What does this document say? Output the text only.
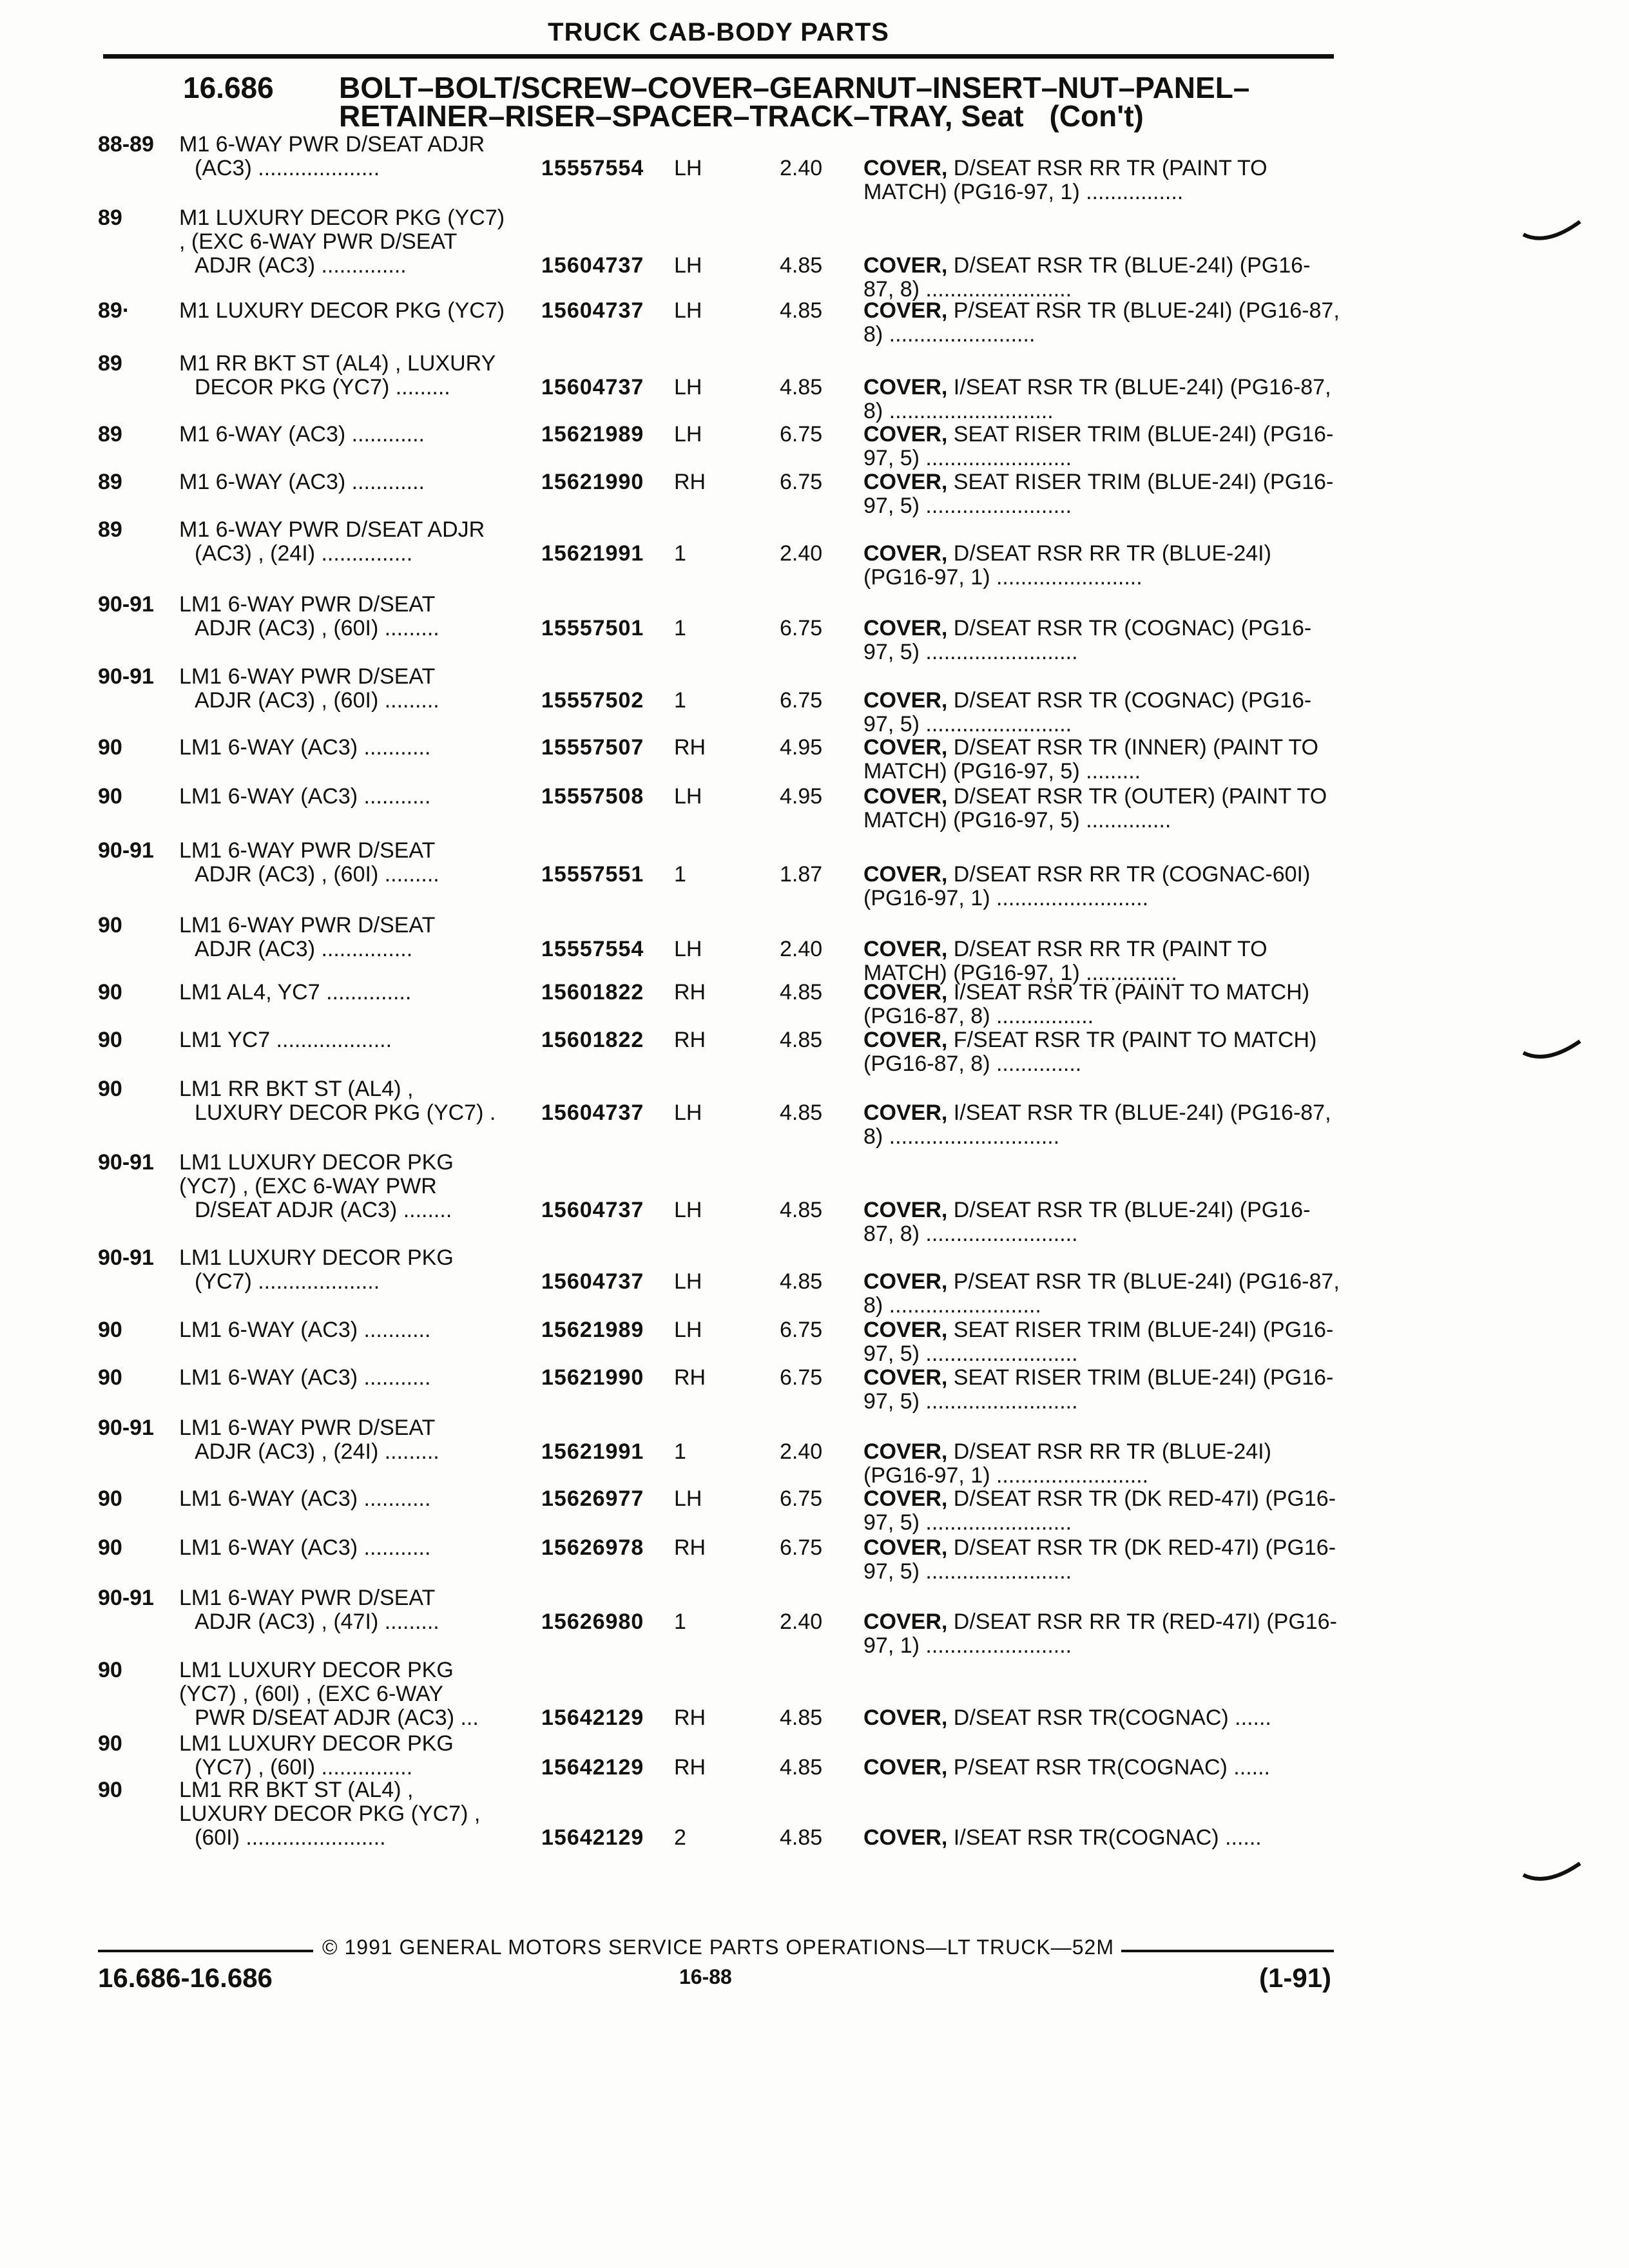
TRUCK CAB-BODY PARTS
16.686 BOLT–BOLT/SCREW–COVER–GEARNUT–INSERT–NUT–PANEL–RETAINER–RISER–SPACER–TRACK–TRAY, Seat (Con't)
88-89 M1 6-WAY PWR D/SEAT ADJR
(AC3) ....................	15557554 LH	2.40 COVER, D/SEAT RSR RR TR (PAINT TO MATCH) (PG16-97, 1) ................
89	M1 LUXURY DECOR PKG (YC7)
, (EXC 6-WAY PWR D/SEAT
ADJR (AC3) ..............	15604737 LH	4.85 COVER, D/SEAT RSR TR (BLUE-24I) (PG16-87, 8) ........................
89· M1 LUXURY DECOR PKG (YC7)	15604737 LH	4.85 COVER, P/SEAT RSR TR (BLUE-24I) (PG16-87, 8) ........................
89	M1 RR BKT ST (AL4) , LUXURY
DECOR PKG (YC7) .........	15604737 LH	4.85 COVER, I/SEAT RSR TR (BLUE-24I) (PG16-87, 8) ...........................
89	M1 6-WAY (AC3) ............	15621989 LH	6.75 COVER, SEAT RISER TRIM (BLUE-24I) (PG16-97, 5) ........................
89	M1 6-WAY (AC3) ............	15621990 RH	6.75 COVER, SEAT RISER TRIM (BLUE-24I) (PG16-97, 5) ........................
89	M1 6-WAY PWR D/SEAT ADJR
(AC3) , (24I) ...............	15621991 1	2.40 COVER, D/SEAT RSR RR TR (BLUE-24I) (PG16-97, 1) ........................
90-91 LM1 6-WAY PWR D/SEAT
ADJR (AC3) , (60I) .........	15557501 1	6.75 COVER, D/SEAT RSR TR (COGNAC) (PG16-97, 5) .........................
90-91 LM1 6-WAY PWR D/SEAT
ADJR (AC3) , (60I) .........	15557502 1	6.75 COVER, D/SEAT RSR TR (COGNAC) (PG16-97, 5) ........................
90	LM1 6-WAY (AC3) ...........	15557507 RH	4.95 COVER, D/SEAT RSR TR (INNER) (PAINT TO MATCH) (PG16-97, 5) .........
90	LM1 6-WAY (AC3) ...........	15557508 LH	4.95 COVER, D/SEAT RSR TR (OUTER) (PAINT TO MATCH) (PG16-97, 5) ..............
90-91 LM1 6-WAY PWR D/SEAT
ADJR (AC3) , (60I) .........	15557551 1	1.87 COVER, D/SEAT RSR RR TR (COGNAC-60I) (PG16-97, 1) .........................
90	LM1 6-WAY PWR D/SEAT
ADJR (AC3) ...............	15557554 LH	2.40 COVER, D/SEAT RSR RR TR (PAINT TO MATCH) (PG16-97, 1) ...............
90	LM1 AL4, YC7 ..............	15601822 RH	4.85 COVER, I/SEAT RSR TR (PAINT TO MATCH) (PG16-87, 8) ................
90	LM1 YC7 ...................	15601822 RH	4.85 COVER, F/SEAT RSR TR (PAINT TO MATCH) (PG16-87, 8) ..............
90	LM1 RR BKT ST (AL4) ,
LUXURY DECOR PKG (YC7) .	15604737 LH	4.85 COVER, I/SEAT RSR TR (BLUE-24I) (PG16-87, 8) ............................
90-91 LM1 LUXURY DECOR PKG
(YC7) , (EXC 6-WAY PWR
D/SEAT ADJR (AC3) ........	15604737 LH	4.85 COVER, D/SEAT RSR TR (BLUE-24I) (PG16-87, 8) .........................
90-91 LM1 LUXURY DECOR PKG
(YC7) ....................	15604737 LH	4.85 COVER, P/SEAT RSR TR (BLUE-24I) (PG16-87, 8) .........................
90	LM1 6-WAY (AC3) ...........	15621989 LH	6.75 COVER, SEAT RISER TRIM (BLUE-24I) (PG16-97, 5) .........................
90	LM1 6-WAY (AC3) ...........	15621990 RH	6.75 COVER, SEAT RISER TRIM (BLUE-24I) (PG16-97, 5) .........................
90-91 LM1 6-WAY PWR D/SEAT
ADJR (AC3) , (24I) .........	15621991 1	2.40 COVER, D/SEAT RSR RR TR (BLUE-24I) (PG16-97, 1) .........................
90	LM1 6-WAY (AC3) ...........	15626977 LH	6.75 COVER, D/SEAT RSR TR (DK RED-47I) (PG16-97, 5) ........................
90	LM1 6-WAY (AC3) ...........	15626978 RH	6.75 COVER, D/SEAT RSR TR (DK RED-47I) (PG16-97, 5) ........................
90-91 LM1 6-WAY PWR D/SEAT
ADJR (AC3) , (47I) .........	15626980 1	2.40 COVER, D/SEAT RSR RR TR (RED-47I) (PG16-97, 1) ........................
90	LM1 LUXURY DECOR PKG
(YC7) , (60I) , (EXC 6-WAY
PWR D/SEAT ADJR (AC3) ...	15642129 RH	4.85 COVER, D/SEAT RSR TR(COGNAC) ......
90	LM1 LUXURY DECOR PKG
(YC7) , (60I) ...............	15642129 RH	4.85 COVER, P/SEAT RSR TR(COGNAC) ......
90	LM1 RR BKT ST (AL4) ,
LUXURY DECOR PKG (YC7) ,
(60I) .......................	15642129 2	4.85 COVER, I/SEAT RSR TR(COGNAC) ......
© 1991 GENERAL MOTORS SERVICE PARTS OPERATIONS—LT TRUCK—52M
16.686-16.686	16-88	(1-91)
